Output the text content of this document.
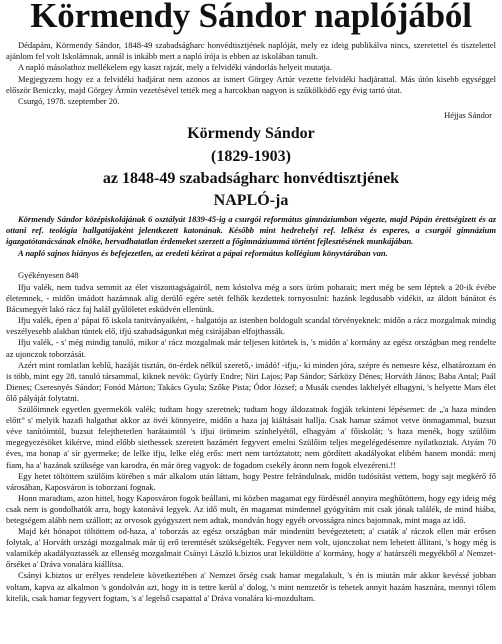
Körmendy Sándor naplójából

Dédapám, Körmendy Sándor, 1848-49 szabadságharc honvédtisztjének naplóját, mely ez ideig publikálva nincs, szeretettel és tisztelettel ajánlom fel volt Iskolámnak, annál is inkább mert a napló írója is ebben az iskolában tanult.

A napló másolathoz mellékelem egy kaszt rajzát, mely a felvidéki vándorlás helyeit mutatja.

Megjegyzem hogy ez a felvidéki hadjárat nem azonos az ismert Görgey Artúr vezette felvidéki hadjárattal. Más útón kisebb egységgel először Beniczky, majd Görgey Ármin vezetésével tették meg a harcokban nagyon is szűkölködő egy évig tartó útat.

Csurgó, 1978. szeptember 20.

Héjjas Sándor
Körmendy Sándor
(1829-1903)
az 1848-49 szabadságharc honvédtisztjének
NAPLÓ-ja

Körmendy Sándor középiskolájának 6 osztályát 1839-45-ig a csurgói református gimnáziumban végezte, majd Pápán érettségizett és az ottani ref. teológia hallgatójaként jelentkezett katonának. Később mint hedrehelyi ref. lelkész és esperes, a csurgói gimnázium igazgatótanácsának elnöke, hervadhatatlan érdemeket szerzett a főgimnáziummá történt fejlesztésének munkájában.

A napló sajnos hiányos és befejezetlen, az eredeti kézirat a pápai református kollégium könyvtárában van.

Gyékényesen 848

Ifju valék, nem tudva semmit az élet viszontagságairól, nem kóstolva még a sors üröm poharait; mert még be sem léptek a 20-ik évébe életemnek, - midőn imádott hazámnak alig derülő egére setét felhők kezdettek tornyosulni: hazánk legdusabb vidékit, az áldott bánátot és Bácsmegyét lakó rácz faj halál gyűlöletet esküdvén ellenünk.

Ifju valék, épen a' pápai fő iskola tanitványaiként, - halgatója az istenben boldogult scandal törvényeknek: midőn a rácz mozgalmak mindig veszélyesebb alakban tüntek elő, ifjú szabadságunkat még csirájában elfojthassák.

Ifju valék, - s' még mindig tanuló, mikor a' rácz mozgalmak már teljesen kitörtek is, 's midőn a' kormány az egész országban meg rendelte az ujonczok toborzását.

Azért mint romlatlan keblű, hazáját tisztán, ön-érdek nélkül szerető,- imádó! -ifju,- ki minden jóra, szépre és nemesre kész, elhatároztam én is több, mint egy 28. tanuló társammal, kiknek nevök: Gyürfy Endre; Niri Lajos; Pap Sándor; Sárközy Dénes; Horváth János; Baba Antal; Paál Dienes; Cseresnyés Sándor; Fonód Márton; Takács Gyula; Szőke Pista; Ódor József; a Musák csendes lakhelyét elhagyni, 's helyette Mars élet őlő pályáját folytatni.

Szülőimnek egyetlen gyermekök valék; tudtam hogy szeretnek; tudtam hogy áldozatnak fogják tekinteni lépésemet: de „'a haza minden előtt” s' melyik hazafi halgathat akkor az övéi könnyeire, midőn a haza jaj kiáltásait hallja. Csak hamar számot vetve önmagammal, buzsut véve tanítóimtól, buzsut felejthetetlen barátaimtól 's ifjui örömeim színhelyétől, elhagyám a' főiskolát; 's haza menék, hogy szülőim megegyezésöket kikérve, mind előbb siethessek szeretett hazámért fegyvert emelni Szülőim teljes megelégedésemre nyilatkoztak. Atyám 70 éves, ma honap a' sír gyermeke; de lelke ifju, lelke elég erős: mert nem tartóztatott; nem gördített akadályokat elibém hanem mondá: menj fiam, ha a' hazának szüksége van karodra, én már öreg vagyok: de fogadom csekély áronn nem fogok elvezéreni.!!

Egy hetet töltöttem szülőim körében s már alkalom után láttam, hogy Pestre felrándulnak, midőn tudósítást vettem, hogy sajt megkérő fő városában, Kaposváron is toborzani fognak.

Honn maradtam, azon hittel, hogy Kaposváron fogok beállani, mi közben magamat egy fürdésnél annyira meghűtöttem, hogy egy ideig még csak nem is gondolhatók arra, hogy katonává legyek. Az idő mult, én magamat mindennel gyógyítám mit csak jónak találék, de mind hiába, betegségem alább nem szállott; az orvosok gyógyszert nem adtak, mondván hogy egyéb orvosságra nincs bajomnak, mint maga az idő.

Majd két hónapot töltöttem od-haza, a' toborzás az egész országban már mindenütt bevégeztetett; a' csaták a' ráczok ellen már erősen folytak, a' Horváth országi mozgalmak már új erő teremtését szükségelték. Fegyver nem volt, ujonczokat nem lehetett állitani, 's hogy még is valamikép akadályoztassék az ellenség mozgalmait Csányi László k.biztos urat leküldötte a' kormány, hogy a' határszéli megyékből a' Nemzet-őrséket a' Dráva vonalára kiállítsa.

Csányi k.biztos ur erélyes rendelete következtében a' Nemzet őrség csak hamar megalakult, 's én is miután már akkor kevéssé jobban voltam, kapva az alkalmon 's gondolván azt, hogy itt is tettre kerül a' dolog, 's mint nemzetőr is tehetek annyit hazám hasznára, mennyi tőlem kitelik, csak hamar fegyvert fogtam, 's a' legelső csapattal a' Dráva vonalára ki-mozdultam.
